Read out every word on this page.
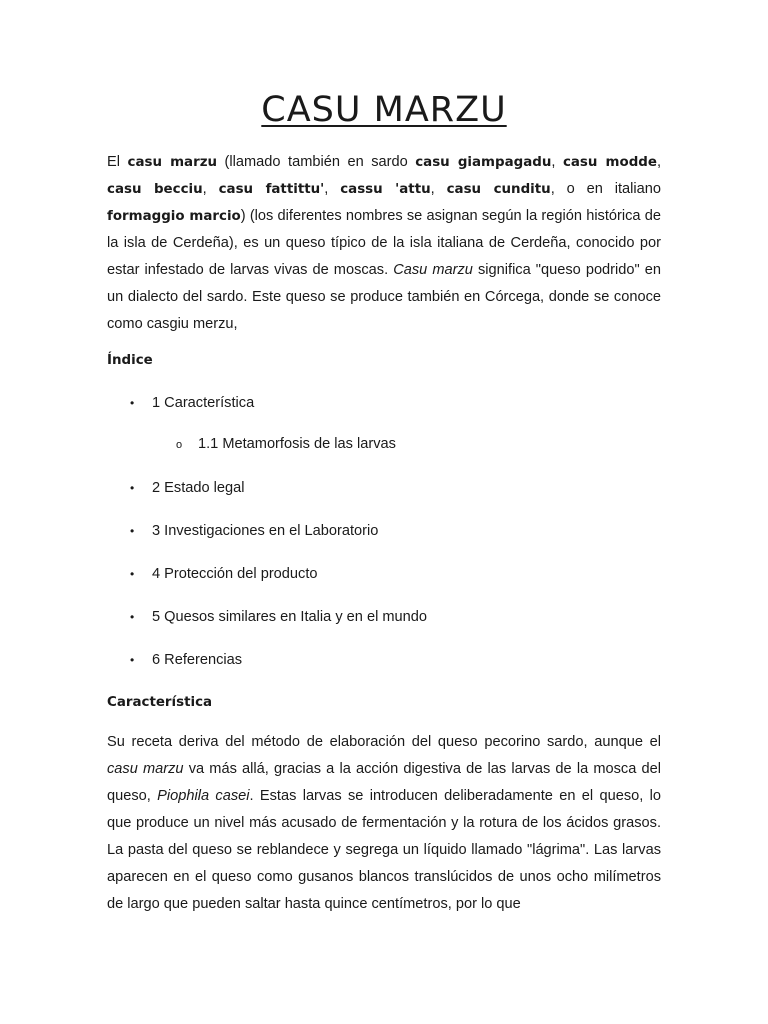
CASU MARZU

El casu marzu (llamado también en sardo casu giampagadu, casu modde, casu becciu, casu fattittu', cassu 'attu, casu cunditu, o en italiano formaggio marcio) (los diferentes nombres se asignan según la región histórica de la isla de Cerdeña), es un queso típico de la isla italiana de Cerdeña, conocido por estar infestado de larvas vivas de moscas. Casu marzu significa "queso podrido" en un dialecto del sardo. Este queso se produce también en Córcega, donde se conoce como casgiu merzu,

Índice

• 1 Característica

o 1.1 Metamorfosis de las larvas

• 2 Estado legal

• 3 Investigaciones en el Laboratorio

• 4 Protección del producto

• 5 Quesos similares en Italia y en el mundo

• 6 Referencias

Característica

Su receta deriva del método de elaboración del queso pecorino sardo, aunque el casu marzu va más allá, gracias a la acción digestiva de las larvas de la mosca del queso, Piophila casei. Estas larvas se introducen deliberadamente en el queso, lo que produce un nivel más acusado de fermentación y la rotura de los ácidos grasos. La pasta del queso se reblandece y segrega un líquido llamado "lágrima". Las larvas aparecen en el queso como gusanos blancos translúcidos de unos ocho milímetros de largo que pueden saltar hasta quince centímetros, por lo que
